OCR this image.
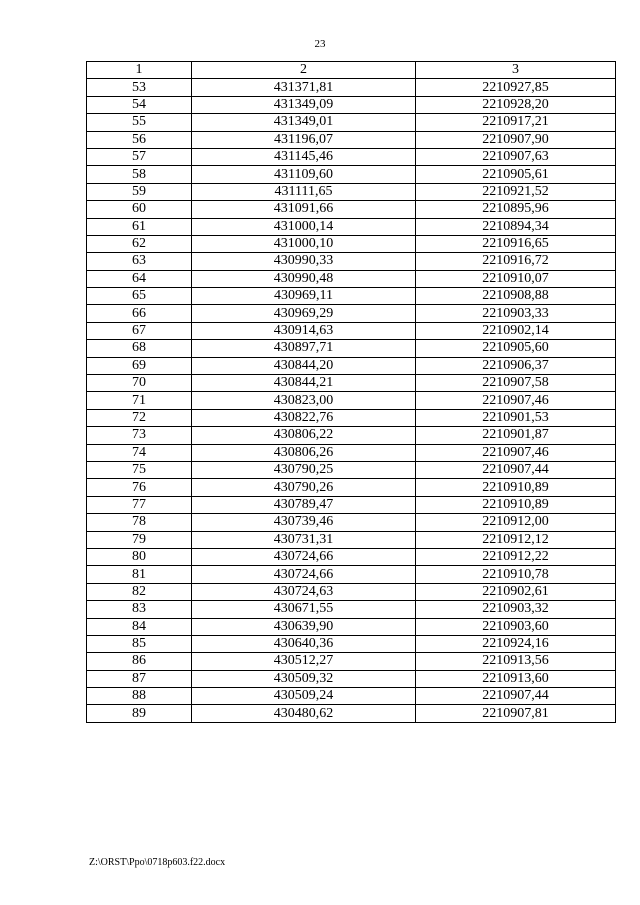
23
1	2	3
53	431371,81	2210927,85
54	431349,09	2210928,20
55	431349,01	2210917,21
56	431196,07	2210907,90
57	431145,46	2210907,63
58	431109,60	2210905,61
59	431111,65	2210921,52
60	431091,66	2210895,96
61	431000,14	2210894,34
62	431000,10	2210916,65
63	430990,33	2210916,72
64	430990,48	2210910,07
65	430969,11	2210908,88
66	430969,29	2210903,33
67	430914,63	2210902,14
68	430897,71	2210905,60
69	430844,20	2210906,37
70	430844,21	2210907,58
71	430823,00	2210907,46
72	430822,76	2210901,53
73	430806,22	2210901,87
74	430806,26	2210907,46
75	430790,25	2210907,44
76	430790,26	2210910,89
77	430789,47	2210910,89
78	430739,46	2210912,00
79	430731,31	2210912,12
80	430724,66	2210912,22
81	430724,66	2210910,78
82	430724,63	2210902,61
83	430671,55	2210903,32
84	430639,90	2210903,60
85	430640,36	2210924,16
86	430512,27	2210913,56
87	430509,32	2210913,60
88	430509,24	2210907,44
89	430480,62	2210907,81
Z:\ORST\Ppo\0718p603.f22.docx
